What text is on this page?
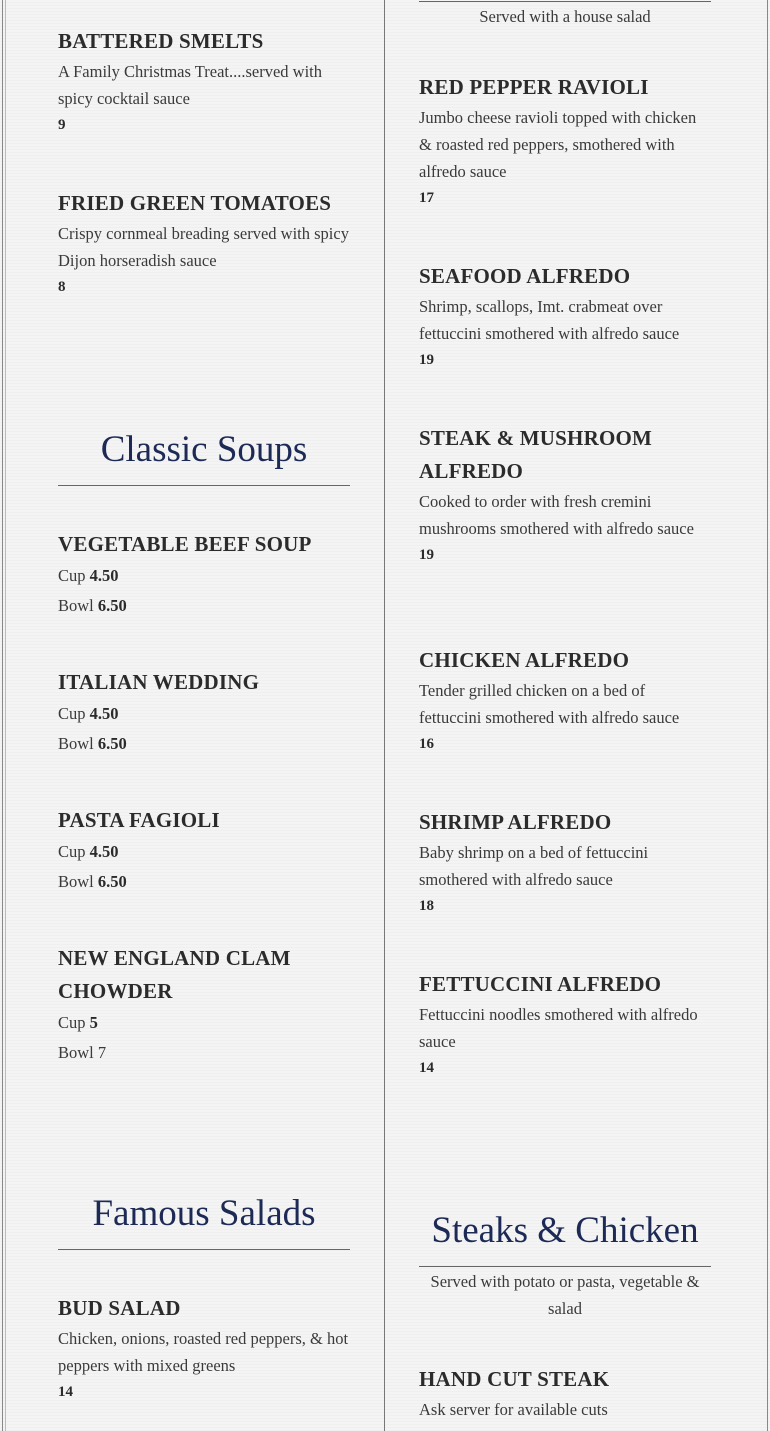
BATTERED SMELTS
A Family Christmas Treat....served with spicy cocktail sauce
9
FRIED GREEN TOMATOES
Crispy cornmeal breading served with spicy Dijon horseradish sauce
8
Classic Soups
VEGETABLE BEEF SOUP
Cup 4.50
Bowl 6.50
ITALIAN WEDDING
Cup 4.50
Bowl 6.50
PASTA FAGIOLI
Cup 4.50
Bowl 6.50
NEW ENGLAND CLAM CHOWDER
Cup 5
Bowl 7
Famous Salads
BUD SALAD
Chicken, onions, roasted red peppers, & hot peppers with mixed greens
14
Served with a house salad
RED PEPPER RAVIOLI
Jumbo cheese ravioli topped with chicken & roasted red peppers, smothered with alfredo sauce
17
SEAFOOD ALFREDO
Shrimp, scallops, Imt. crabmeat over fettuccini smothered with alfredo sauce
19
STEAK & MUSHROOM ALFREDO
Cooked to order with fresh cremini mushrooms smothered with alfredo sauce
19
CHICKEN ALFREDO
Tender grilled chicken on a bed of fettuccini smothered with alfredo sauce
16
SHRIMP ALFREDO
Baby shrimp on a bed of fettuccini smothered with alfredo sauce
18
FETTUCCINI ALFREDO
Fettuccini noodles smothered with alfredo sauce
14
Steaks & Chicken
Served with potato or pasta, vegetable & salad
HAND CUT STEAK
Ask server for available cuts
